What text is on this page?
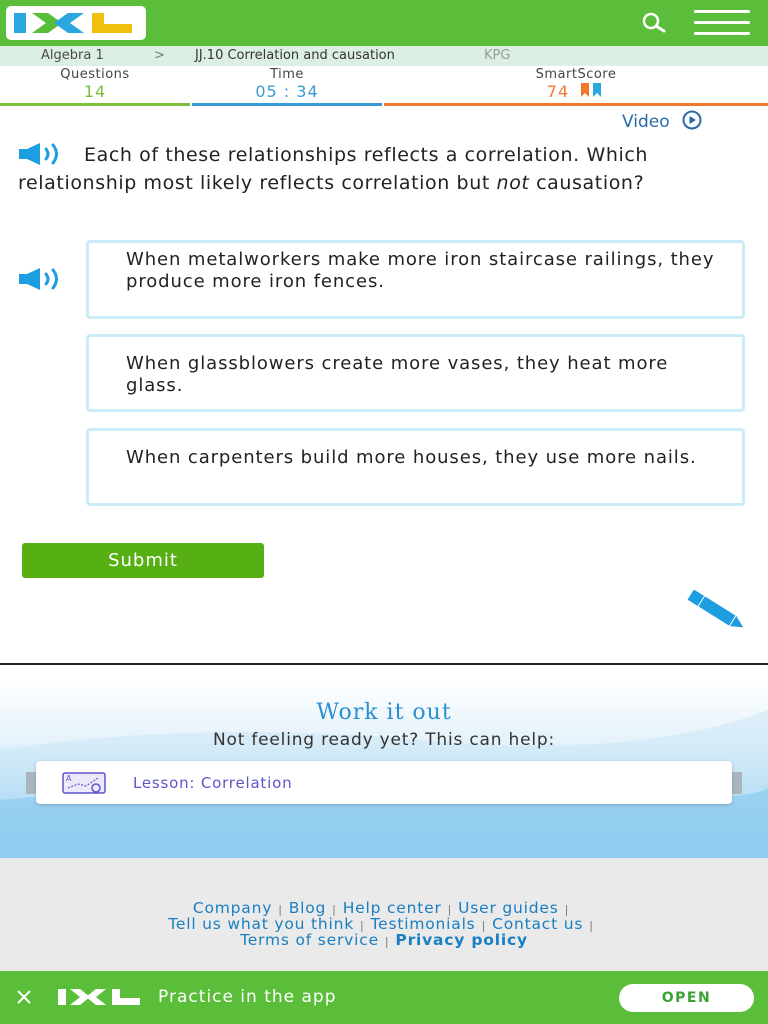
Algebra 1	> JJ.10 Correlation and causation	KPG
Questions
14
Time
05 : 34
SmartScore
74
Video
Each of these relationships reflects a correlation. Which relationship most likely reflects correlation but not causation?
When metalworkers make more iron staircase railings, they produce more iron fences.
When glassblowers create more vases, they heat more glass.
When carpenters build more houses, they use more nails.
Submit
Work it out
Not feeling ready yet? This can help:
A	Lesson: Correlation
Company | Blog | Help center | User guides |
Tell us what you think | Testimonials | Contact us |
Terms of service | Privacy policy
Practice in the app	OPEN
